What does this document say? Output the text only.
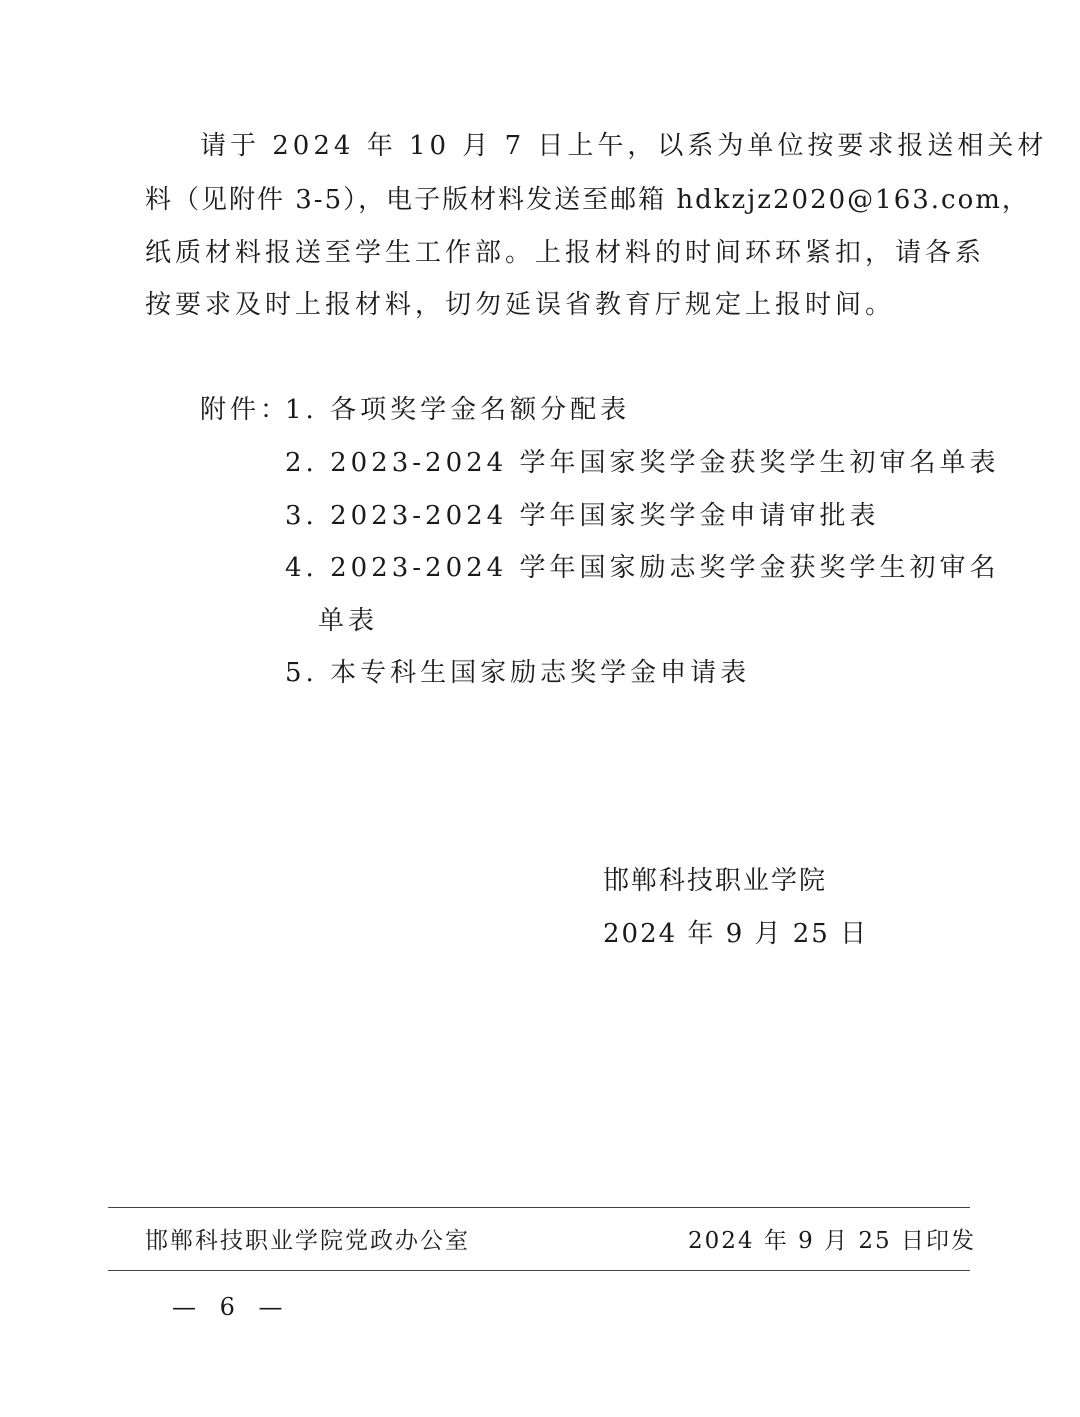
请于 2024 年 10 月 7 日上午，以系为单位按要求报送相关材
料（见附件 3-5），电子版材料发送至邮箱 hdkzjz2020@163.com，
纸质材料报送至学生工作部。上报材料的时间环环紧扣，请各系
按要求及时上报材料，切勿延误省教育厅规定上报时间。
附件：
1. 各项奖学金名额分配表
2. 2023-2024 学年国家奖学金获奖学生初审名单表
3. 2023-2024 学年国家奖学金申请审批表
4. 2023-2024 学年国家励志奖学金获奖学生初审名
单表
5. 本专科生国家励志奖学金申请表
邯郸科技职业学院
2024 年 9 月 25 日
邯郸科技职业学院党政办公室	2024 年 9 月 25 日印发
— 6 —
